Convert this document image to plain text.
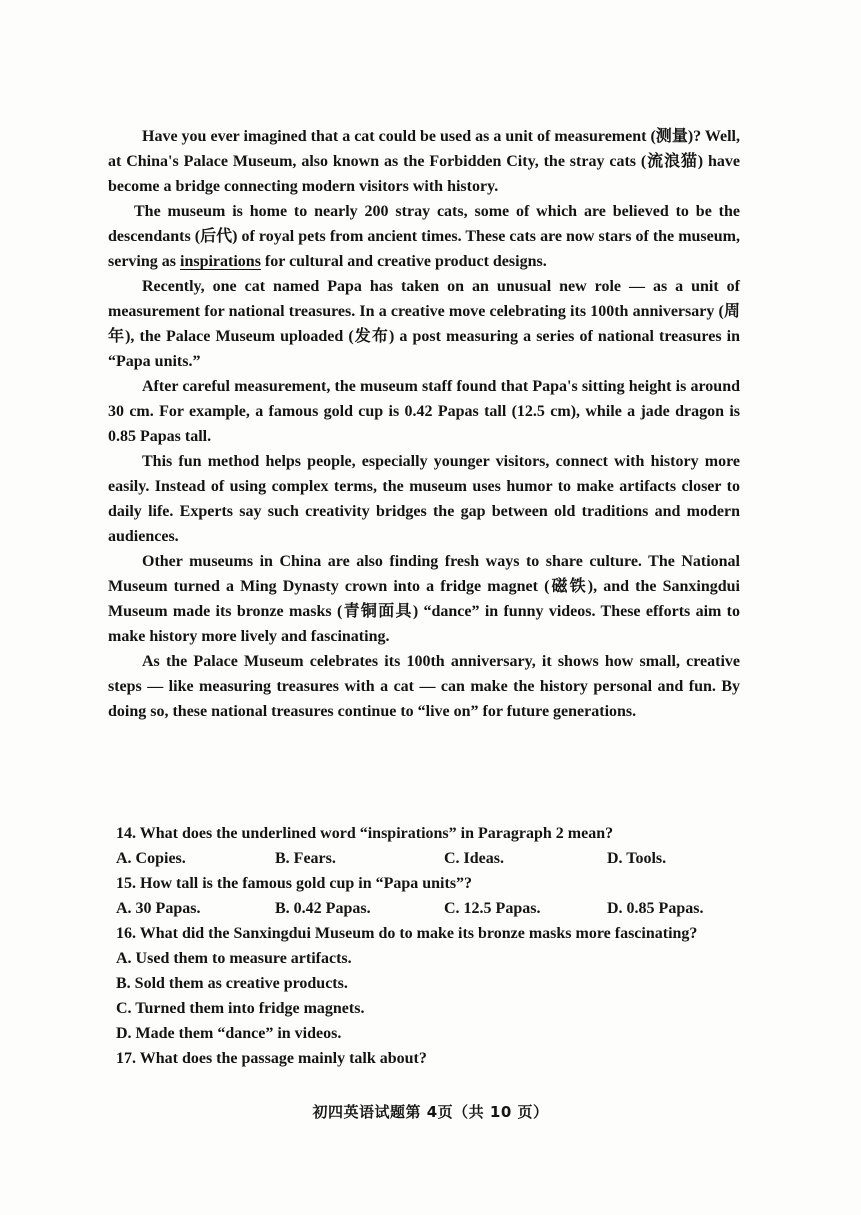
Have you ever imagined that a cat could be used as a unit of measurement (测量)? Well, at China's Palace Museum, also known as the Forbidden City, the stray cats (流浪猫) have become a bridge connecting modern visitors with history.

The museum is home to nearly 200 stray cats, some of which are believed to be the descendants (后代) of royal pets from ancient times. These cats are now stars of the museum, serving as inspirations for cultural and creative product designs.

Recently, one cat named Papa has taken on an unusual new role — as a unit of measurement for national treasures. In a creative move celebrating its 100th anniversary (周年), the Palace Museum uploaded (发布) a post measuring a series of national treasures in “Papa units.”

After careful measurement, the museum staff found that Papa's sitting height is around 30 cm. For example, a famous gold cup is 0.42 Papas tall (12.5 cm), while a jade dragon is 0.85 Papas tall.

This fun method helps people, especially younger visitors, connect with history more easily. Instead of using complex terms, the museum uses humor to make artifacts closer to daily life. Experts say such creativity bridges the gap between old traditions and modern audiences.

Other museums in China are also finding fresh ways to share culture. The National Museum turned a Ming Dynasty crown into a fridge magnet (磁铁), and the Sanxingdui Museum made its bronze masks (青铜面具) “dance” in funny videos. These efforts aim to make history more lively and fascinating.

As the Palace Museum celebrates its 100th anniversary, it shows how small, creative steps — like measuring treasures with a cat — can make the history personal and fun. By doing so, these national treasures continue to “live on” for future generations.

14. What does the underlined word “inspirations” in Paragraph 2 mean?

A. Copies.	B. Fears.	C. Ideas.	D. Tools.

15. How tall is the famous gold cup in “Papa units”?

A. 30 Papas.	B. 0.42 Papas.	C. 12.5 Papas.	D. 0.85 Papas.

16. What did the Sanxingdui Museum do to make its bronze masks more fascinating?

A. Used them to measure artifacts.

B. Sold them as creative products.

C. Turned them into fridge magnets.

D. Made them “dance” in videos.

17. What does the passage mainly talk about?

初四英语试题第 4页（共 10 页）
